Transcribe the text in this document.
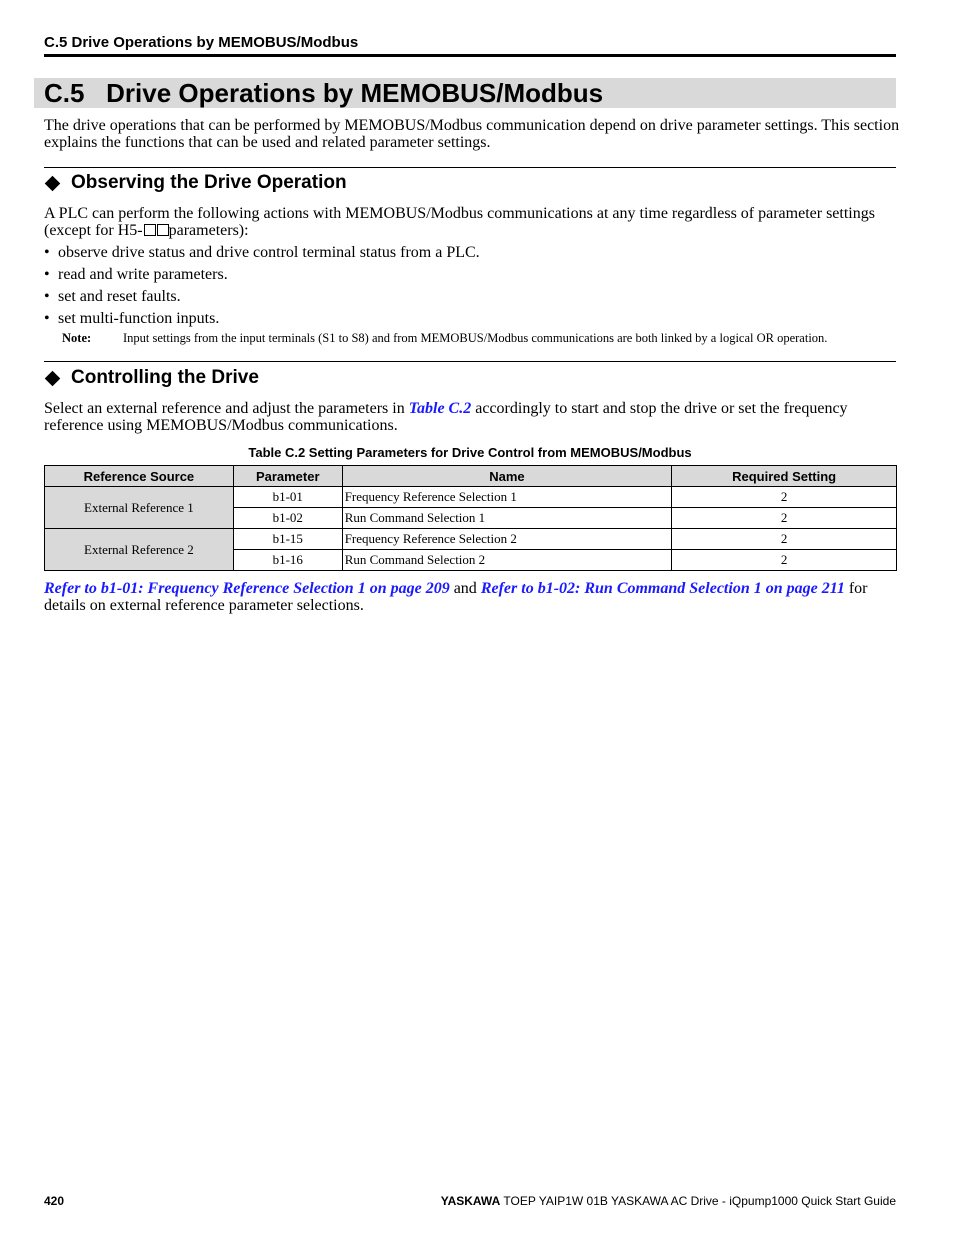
C.5 Drive Operations by MEMOBUS/Modbus
C.5 Drive Operations by MEMOBUS/Modbus
The drive operations that can be performed by MEMOBUS/Modbus communication depend on drive parameter settings. This section explains the functions that can be used and related parameter settings.
Observing the Drive Operation
A PLC can perform the following actions with MEMOBUS/Modbus communications at any time regardless of parameter settings (except for H5- parameters):
• observe drive status and drive control terminal status from a PLC.
• read and write parameters.
• set and reset faults.
• set multi-function inputs.
Note:	Input settings from the input terminals (S1 to S8) and from MEMOBUS/Modbus communications are both linked by a logical OR operation.
Controlling the Drive
Select an external reference and adjust the parameters in Table C.2 accordingly to start and stop the drive or set the frequency reference using MEMOBUS/Modbus communications.
Table C.2 Setting Parameters for Drive Control from MEMOBUS/Modbus
Reference Source	Parameter	Name	Required Setting
External Reference 1	b1-01	Frequency Reference Selection 1	2
	b1-02	Run Command Selection 1	2
External Reference 2	b1-15	Frequency Reference Selection 2	2
	b1-16	Run Command Selection 2	2
Refer to b1-01: Frequency Reference Selection 1 on page 209 and Refer to b1-02: Run Command Selection 1 on page 211 for details on external reference parameter selections.
420	YASKAWA TOEP YAIP1W 01B YASKAWA AC Drive - iQpump1000 Quick Start Guide
